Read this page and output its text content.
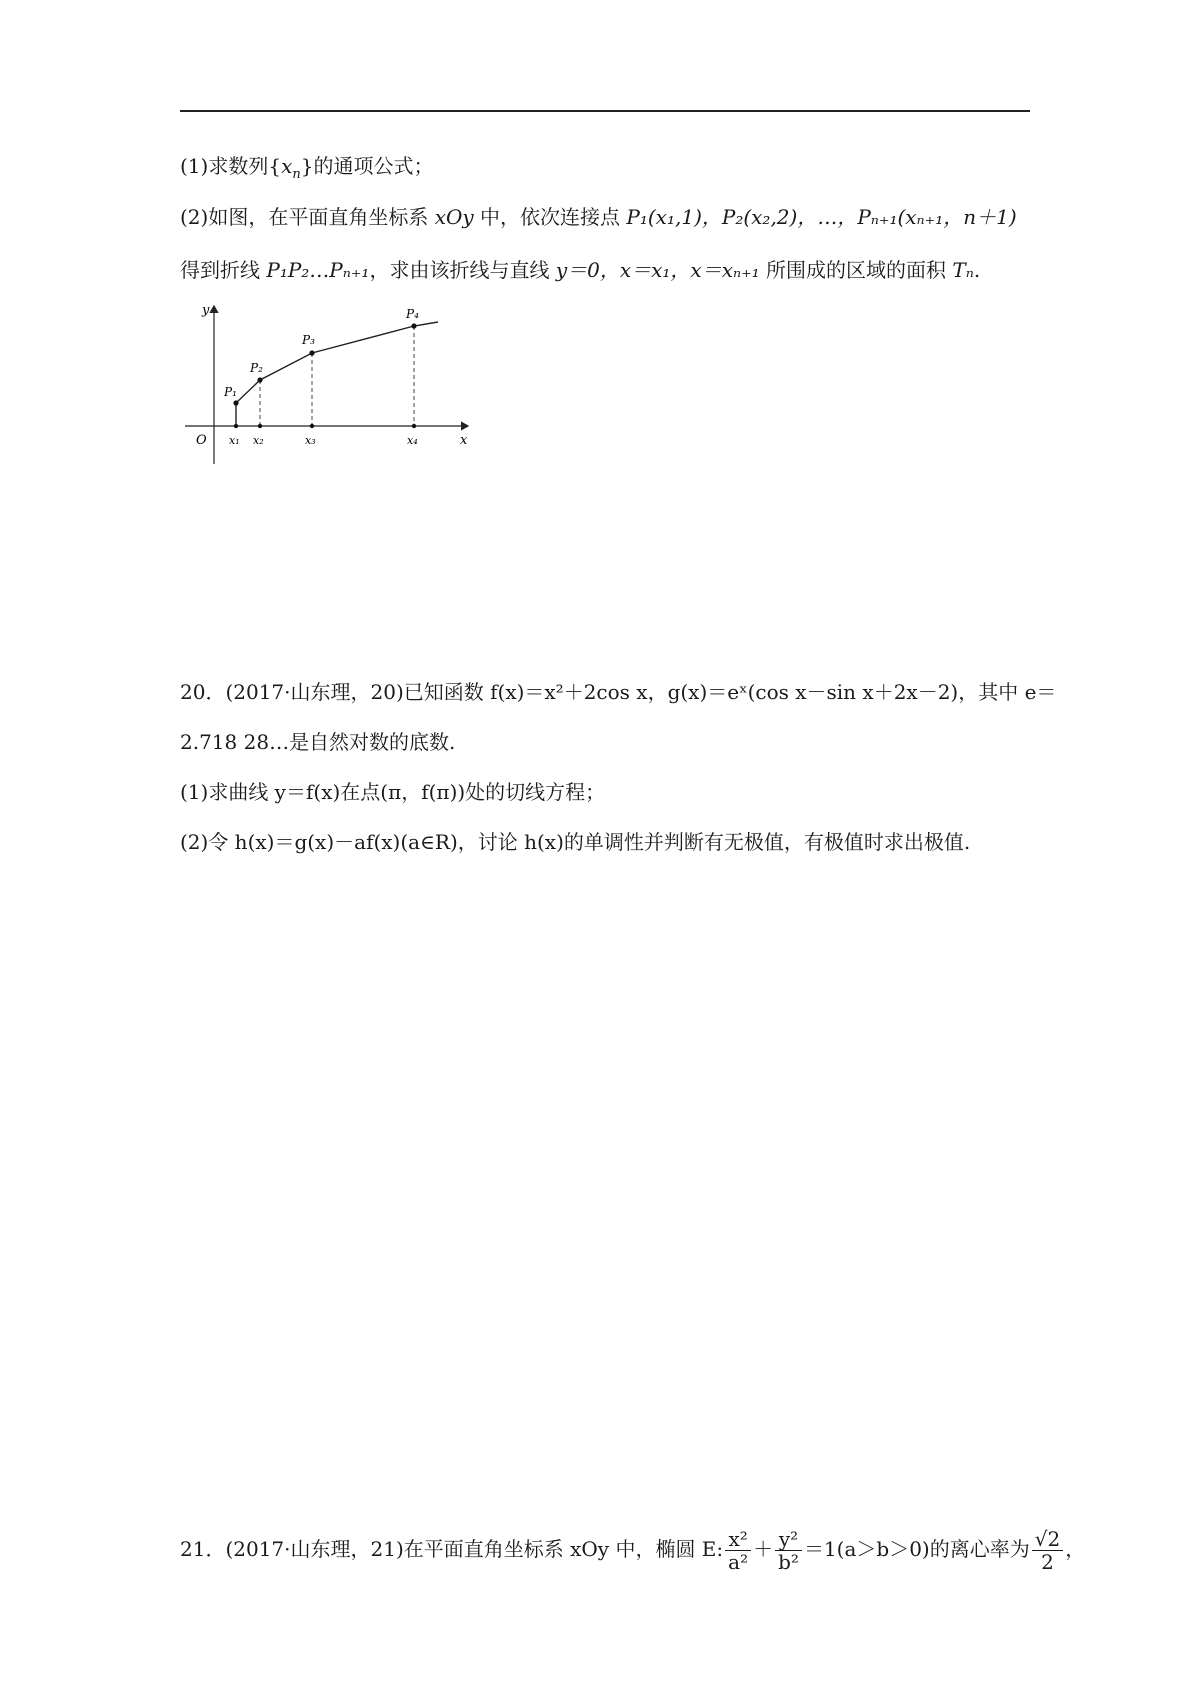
(1)求数列$\{x_n\}$的通项公式；
(2)如图，在平面直角坐标系 xOy 中，依次连接点 P₁(x₁,1)，P₂(x₂,2)，…，Pₙ₊₁(xₙ₊₁，n＋1)
得到折线 P₁P₂…Pₙ₊₁，求由该折线与直线 y＝0，x＝x₁，x＝xₙ₊₁ 所围成的区域的面积 Tₙ.
y
x
O
P₁
P₂
P₃
P₄
x₁ x₂	x₃	x₄
20．(2017·山东理，20)已知函数 f(x)＝x²＋2cos x，g(x)＝eˣ(cos x－sin x＋2x－2)，其中 e＝
2.718 28…是自然对数的底数.
(1)求曲线 y＝f(x)在点(π，f(π))处的切线方程；
(2)令 h(x)＝g(x)－af(x)(a∈R)，讨论 h(x)的单调性并判断有无极值，有极值时求出极值.
21．(2017·山东理，21)在平面直角坐标系 xOy 中，椭圆 E: $\frac{\text{x²}}{\text{a²}} + \frac{\text{y²}}{\text{b²}} =1(a>b>0)$的离心率为 $\frac{√2}{2}$ ，
